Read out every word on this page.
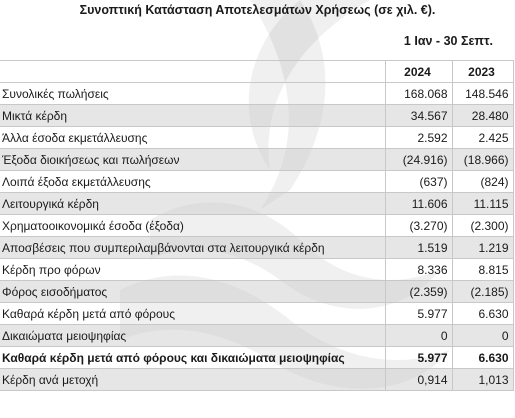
Συνοπτική Κατάσταση Αποτελεσμάτων Χρήσεως (σε χιλ. €).
1 Ιαν - 30 Σεπτ.
	2024	2023
Συνολικές πωλήσεις	168.068	148.546
Μικτά κέρδη	34.567	28.480
Άλλα έσοδα εκμετάλλευσης	2.592	2.425
Έξοδα διοικήσεως και πωλήσεων	(24.916)	(18.966)
Λοιπά έξοδα εκμετάλλευσης	(637)	(824)
Λειτουργικά κέρδη	11.606	11.115
Χρηματοοικονομικά έσοδα (έξοδα)	(3.270)	(2.300)
Αποσβέσεις που συμπεριλαμβάνονται στα λειτουργικά κέρδη	1.519	1.219
Κέρδη προ φόρων	8.336	8.815
Φόρος εισοδήματος	(2.359)	(2.185)
Καθαρά κέρδη μετά από φόρους	5.977	6.630
Δικαιώματα μειοψηφίας	0	0
Καθαρά κέρδη μετά από φόρους και δικαιώματα μειοψηφίας	5.977	6.630
Κέρδη ανά μετοχή	0,914	1,013
